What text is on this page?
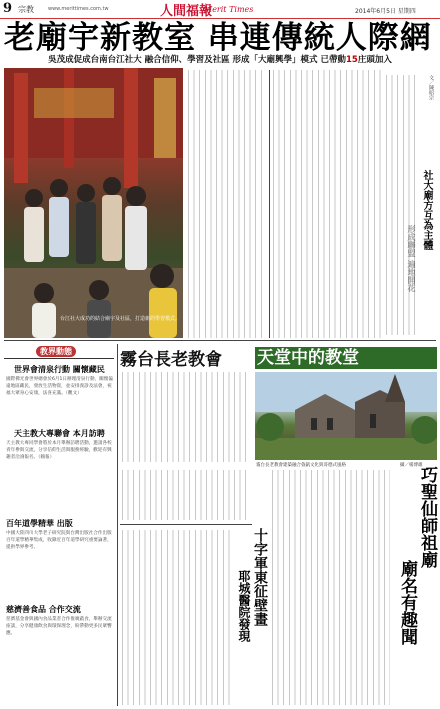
9 宗教	www.merittimes.com.tw	人間福報
Merit Times	2014年6月5日 星期四
老廟宇新教室 串連傳統人際網
吳茂成促成台南台江社大 融合信仰、學習及社區 形成「大廟興學」模式 已帶動15庄頭加入
台江社大成功的結合廟宇及社區，打造新的學習模式。
社大廟方互為主體
文／陳昭宗
教界動態
世界會清泉行動 關懷藏民
國際佛光會世界總會於6月1日辦理清泉行動，關懷偏遠地區藏民，發放生活物資，並安排義診及法會，祝福大眾身心安康，法喜充滿。（觀文）
天主教大專聯會 本月訪聘
天主教大專同學會將於本月舉辦訪聘活動，邀請各校青年參與交流，分享信仰生活與服務經驗，歡迎有興趣者洽詢報名。（賴報）
百年道學精華 出版
中國大陸四川大學老子研究院與台灣出版社合作出版百年道學精華集成，收錄近百年道學研究重要論著，提供學界參考。
慈濟善食品 合作交流
慈濟基金會與國內食品業者合作推廣蔬食，舉辦交流座談，分享健康飲食與環保理念，盼帶動更多民眾響應。
霧台長老教會 天堂中的教堂
霧台長老教會建築融合魯凱文化與哥德式風格	攝／楊博雄
十字軍東征壁畫
耶城醫院發現
巧聖仙師祖廟
廟名有趣聞
